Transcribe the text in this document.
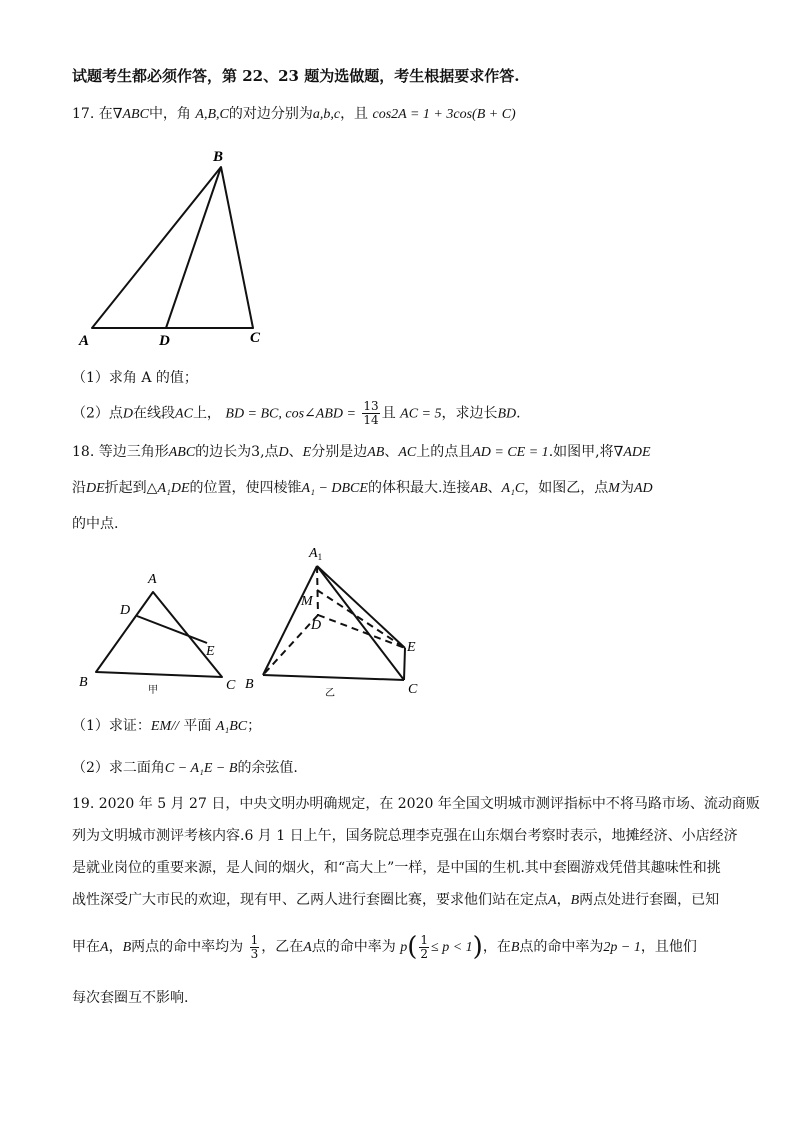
试题考生都必须作答，第 22、23 题为选做题，考生根据要求作答.
17. 在∇ABC中，角 A,B,C的对边分别为a,b,c，且 cos2A = 1 + 3cos(B + C)
B
A	D	C
（1）求角 A 的值；
（2）点D在线段AC上， BD = BC, cos∠ABD = $\frac{13}{14}$ 且 AC = 5，求边长BD.
18. 等边三角形ABC的边长为3,点D、E分别是边AB、AC上的点且AD = CE = 1.如图甲,将∇ADE
沿DE折起到△A₁DE的位置，使四棱锥A₁ − DBCE的体积最大.连接AB、A₁C，如图乙，点M为AD
的中点.
A
D
E
B	C
甲
$A_1$
M
D
E
B	C
乙
（1）求证：EM// 平面 A₁BC；
（2）求二面角C − A₁E − B的余弦值.
19. 2020 年 5 月 27 日，中央文明办明确规定，在 2020 年全国文明城市测评指标中不将马路市场、流动商贩
列为文明城市测评考核内容.6 月 1 日上午，国务院总理李克强在山东烟台考察时表示，地摊经济、小店经济
是就业岗位的重要来源，是人间的烟火，和“高大上”一样，是中国的生机.其中套圈游戏凭借其趣味性和挑
战性深受广大市民的欢迎，现有甲、乙两人进行套圈比赛，要求他们站在定点A，B两点处进行套圈，已知
甲在A，B两点的命中率均为 $\frac{1}{3}$ ，乙在A点的命中率为 $p( \frac{1}{2} \le p < 1)$，在B点的命中率为2p − 1，且他们
每次套圈互不影响.
